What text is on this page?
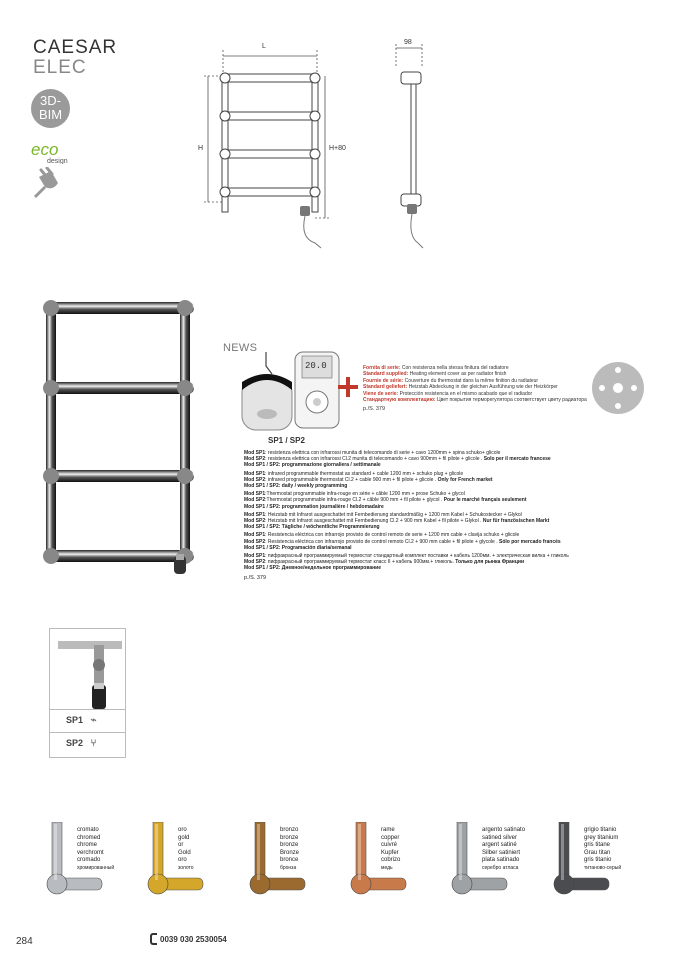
CAESAR
ELEC
3D-BIM
eco
design
L
H	H+80
98
NEWS
20.0
SP1 / SP2
Fornita di serie: Con resistenza nella stessa finitura del radiatore
Standard supplied: Heating element cover as per radiator finish
Fournie de série: Couverture du thermostat dans la même finition du radiateur
Standard geliefert: Heizstab Abdeckung in der gleichen Ausführung wie der Heizkörper
Viene de serie: Protección resistencia en el mismo acabado que el radiador
Стандартную комплектацию: Цвет покрытия терморегулятора соответствует цвету радиатора
p./S. 379

Mod SP1: resistenza elettrica con infrarossi munita di telecomando di serie + cavo 1200mm + spina schuko+ glicole

Mod SP2: resistenza elettrica con infrarossi Cl.2 munita di telecomando + cavo 900mm + fil pilote + glicole . Solo per il mercato francese

Mod SP1 / SP2: programmazione giornaliera / settimanale

Mod SP1: infrared programmable thermostat as standard + cable 1200 mm + schuko plug + glicole

Mod SP2: infrared programmable thermostat Cl.2 + cable 900 mm + fil pilote + glicole . Only for French market

Mod SP1 / SP2: daily / weekly programming

Mod SP1:Thermostat programmable infra-rouge en série + câble 1200 mm + prose Schuko + glycol

Mod SP2:Thermostat programmable infra-rouge Cl.2 + câble 900 mm + fil pilote + glycol . Pour le marché français seulement

Mod SP1 / SP2: programmation journalière / hebdomadaire

Mod SP1: Heizstab mit Infrarot ausgeschattet mit Fernbedienung standardmäßig + 1200 mm Kabel + Schukostecker + Glykol

Mod SP2: Heizstab mit Infrarot ausgeschattet mit Fernbedienung Cl.2 + 900 mm Kabel + fil pilote + Glykol . Nur für französischen Markt

Mod SP1 / SP2: Tägliche / wöchentliche Programmierung

Mod SP1: Resistencia eléctrica con infrarrojo provisto de control remoto de serie + 1200 mm cable + clavija schuko + glicole

Mod SP2: Resistencia eléctrica con infrarrojo provisto de control remoto Cl.2 + 900 mm cable + fil pilote + glycole . Sólo por mercado francés

Mod SP1 / SP2: Programación diaria/semanal

Mod SP1: пифракрасный программируемый термостат стандартный комплект поставки + кабель 1200мм. + электрическая вилка + гликоль

Mod SP2: пифракрасный программируемый термостат класс II + кабель 900мм.+ гликоль. Только для рынка Франции

Mod SP1 / SP2: Дневное/недельное программирование

p./S. 379
SP1 ⌁
SP2 ⑂
cromato
chromed
chrome
verchromt
cromado
хромированный
oro
gold
or
Gold
oro
золото
bronzo
bronze
bronze
Bronze
bronce
бронза
rame
copper
cuivré
Kupfer
cobrizo
медь
argento satinato
satined silver
argent satiné
Silber satiniert
plata satinado
серебро атласа
grigio titanio
grey titanium
gris titane
Grau titan
gris titanio
титаново-серый
0039 030 2530054
284
